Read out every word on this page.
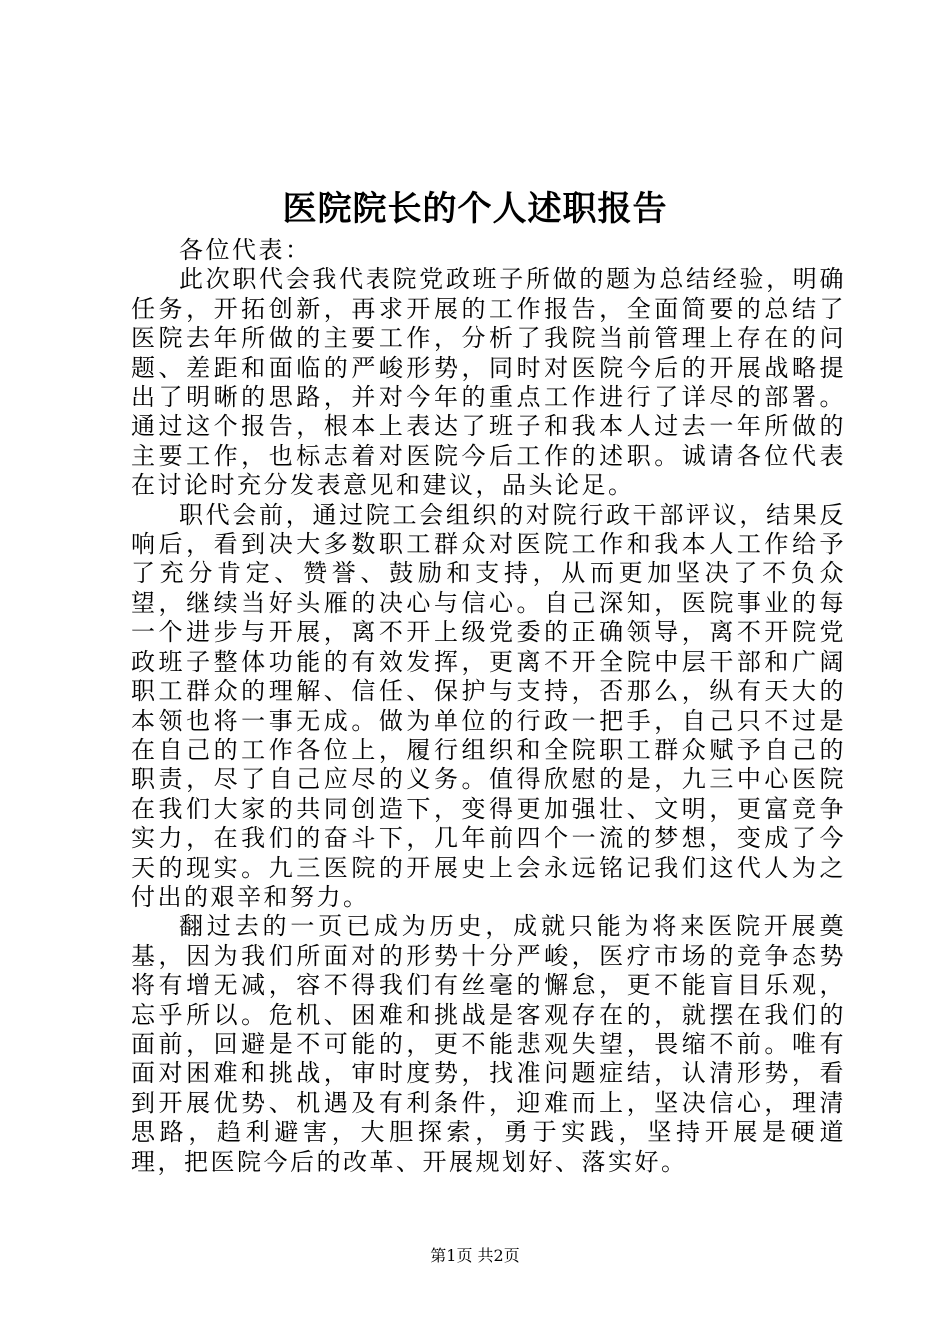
医院院长的个人述职报告

各位代表：

此次职代会我代表院党政班子所做的题为总结经验，明确任务，开拓创新，再求开展的工作报告，全面简要的总结了医院去年所做的主要工作，分析了我院当前管理上存在的问题、差距和面临的严峻形势，同时对医院今后的开展战略提出了明晰的思路，并对今年的重点工作进行了详尽的部署。通过这个报告，根本上表达了班子和我本人过去一年所做的主要工作，也标志着对医院今后工作的述职。诚请各位代表在讨论时充分发表意见和建议，品头论足。

职代会前，通过院工会组织的对院行政干部评议，结果反响后，看到决大多数职工群众对医院工作和我本人工作给予了充分肯定、赞誉、鼓励和支持，从而更加坚决了不负众望，继续当好头雁的决心与信心。自己深知，医院事业的每一个进步与开展，离不开上级党委的正确领导，离不开院党政班子整体功能的有效发挥，更离不开全院中层干部和广阔职工群众的理解、信任、保护与支持，否那么，纵有天大的本领也将一事无成。做为单位的行政一把手，自己只不过是在自己的工作各位上，履行组织和全院职工群众赋予自己的职责，尽了自己应尽的义务。值得欣慰的是，九三中心医院在我们大家的共同创造下，变得更加强壮、文明，更富竞争实力，在我们的奋斗下，几年前四个一流的梦想，变成了今天的现实。九三医院的开展史上会永远铭记我们这代人为之付出的艰辛和努力。

翻过去的一页已成为历史，成就只能为将来医院开展奠基，因为我们所面对的形势十分严峻，医疗市场的竞争态势将有增无减，容不得我们有丝毫的懈怠，更不能盲目乐观，忘乎所以。危机、困难和挑战是客观存在的，就摆在我们的面前，回避是不可能的，更不能悲观失望，畏缩不前。唯有面对困难和挑战，审时度势，找准问题症结，认清形势，看到开展优势、机遇及有利条件，迎难而上，坚决信心，理清思路，趋利避害，大胆探索，勇于实践，坚持开展是硬道理，把医院今后的改革、开展规划好、落实好。

第1页 共2页
